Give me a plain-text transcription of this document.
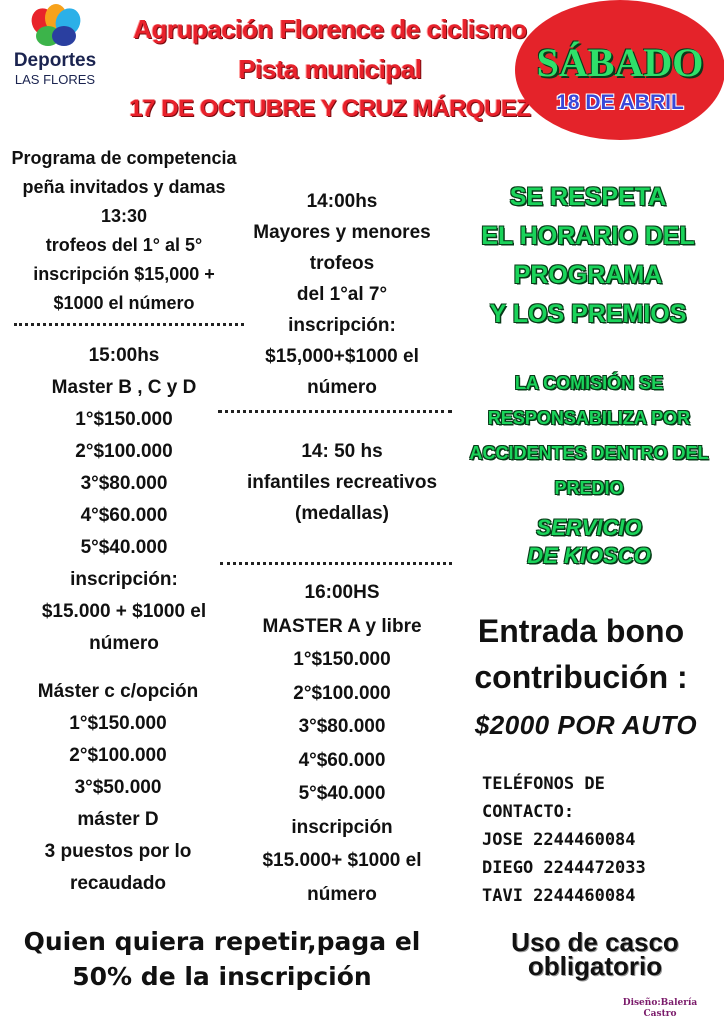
Deportes
LAS FLORES
Agrupación Florence de ciclismo
Pista municipal
17 DE OCTUBRE Y CRUZ MÁRQUEZ
SÁBADO
18 DE ABRIL
Programa de competencia
peña invitados y damas
13:30
trofeos del 1° al 5°
inscripción $15,000 +
$1000 el número
15:00hs
Master B , C y D
1°$150.000
2°$100.000
3°$80.000
4°$60.000
5°$40.000
inscripción:
$15.000 + $1000 el
número
Máster c c/opción
1°$150.000
2°$100.000
3°$50.000
máster D
3 puestos por lo
recaudado
14:00hs
Mayores y menores
trofeos
del 1°al 7°
inscripción:
$15,000+$1000 el
número
14: 50 hs
infantiles recreativos
(medallas)
16:00HS
MASTER A y libre
1°$150.000
2°$100.000
3°$80.000
4°$60.000
5°$40.000
inscripción
$15.000+ $1000 el
número
SE RESPETA
EL HORARIO DEL
PROGRAMA
Y LOS PREMIOS
LA COMISIÓN SE
RESPONSABILIZA POR
ACCIDENTES DENTRO DEL
PREDIO
SERVICIO
DE KIOSCO
Entrada bono
contribución :
$2000 POR AUTO
TELÉFONOS DE
CONTACTO:
JOSE 2244460084
DIEGO 2244472033
TAVI 2244460084
Uso de casco
obligatorio
Quien quiera repetir,paga el
50% de la inscripción
Diseño:Balería
Castro
